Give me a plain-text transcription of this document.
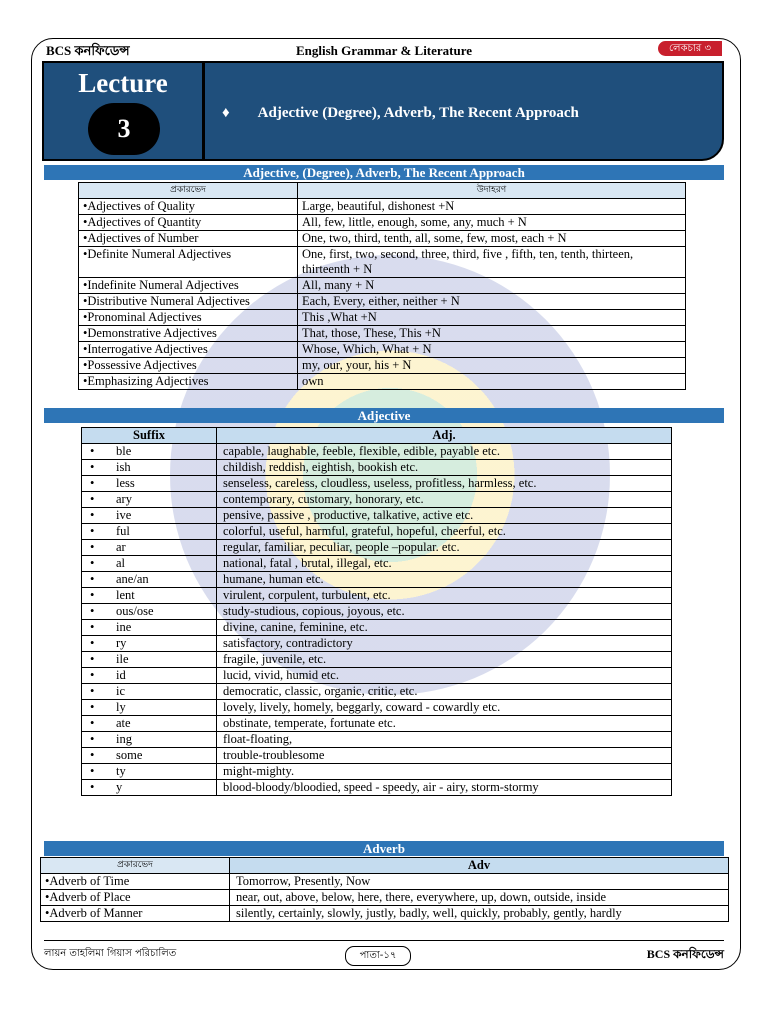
BCS কনফিডেন্স	English Grammar & Literature	লেকচার ৩
Lecture
3
♦ Adjective (Degree), Adverb, The Recent Approach
Adjective, (Degree), Adverb, The Recent Approach
প্রকারভেদ	উদাহরণ
• Adjectives of Quality	Large, beautiful, dishonest +N
• Adjectives of Quantity	All, few, little, enough, some, any, much + N
• Adjectives of Number	One, two, third, tenth, all, some, few, most, each + N
• Definite Numeral Adjectives	One, first, two, second, three, third, five , fifth, ten, tenth, thirteen, thirteenth + N
• Indefinite Numeral Adjectives	All, many + N
• Distributive Numeral Adjectives	Each, Every, either, neither + N
• Pronominal Adjectives	This ,What +N
• Demonstrative Adjectives	That, those, These, This +N
• Interrogative Adjectives	Whose, Which, What + N
• Possessive Adjectives	my, our, your, his + N
• Emphasizing Adjectives	own
Adjective
Suffix	Adj.
• ble	capable, laughable, feeble, flexible, edible, payable etc.
• ish	childish, reddish, eightish, bookish etc.
• less	senseless, careless, cloudless, useless, profitless, harmless, etc.
• ary	contemporary, customary, honorary, etc.
• ive	pensive, passive , productive, talkative, active etc.
• ful	colorful, useful, harmful, grateful, hopeful, cheerful, etc.
• ar	regular, familiar, peculiar, people –popular. etc.
• al	national, fatal , brutal, illegal, etc.
• ane/an	humane, human etc.
• lent	virulent, corpulent, turbulent, etc.
• ous/ose	study-studious, copious, joyous, etc.
• ine	divine, canine, feminine, etc.
• ry	satisfactory, contradictory
• ile	fragile, juvenile, etc.
• id	lucid, vivid, humid etc.
• ic	democratic, classic, organic, critic, etc.
• ly	lovely, lively, homely, beggarly, coward - cowardly etc.
• ate	obstinate, temperate, fortunate etc.
• ing	float-floating,
• some	trouble-troublesome
• ty	might-mighty.
• y	blood-bloody/bloodied, speed - speedy, air - airy, storm-stormy
Adverb
প্রকারভেদ	Adv
• Adverb of Time	Tomorrow, Presently, Now
• Adverb of Place	near, out, above, below, here, there, everywhere, up, down, outside, inside
• Adverb of Manner	silently, certainly, slowly, justly, badly, well, quickly, probably, gently, hardly
লায়ন তাহলিমা গিয়াস পরিচালিত	পাতা-১৭	BCS কনফিডেন্স
